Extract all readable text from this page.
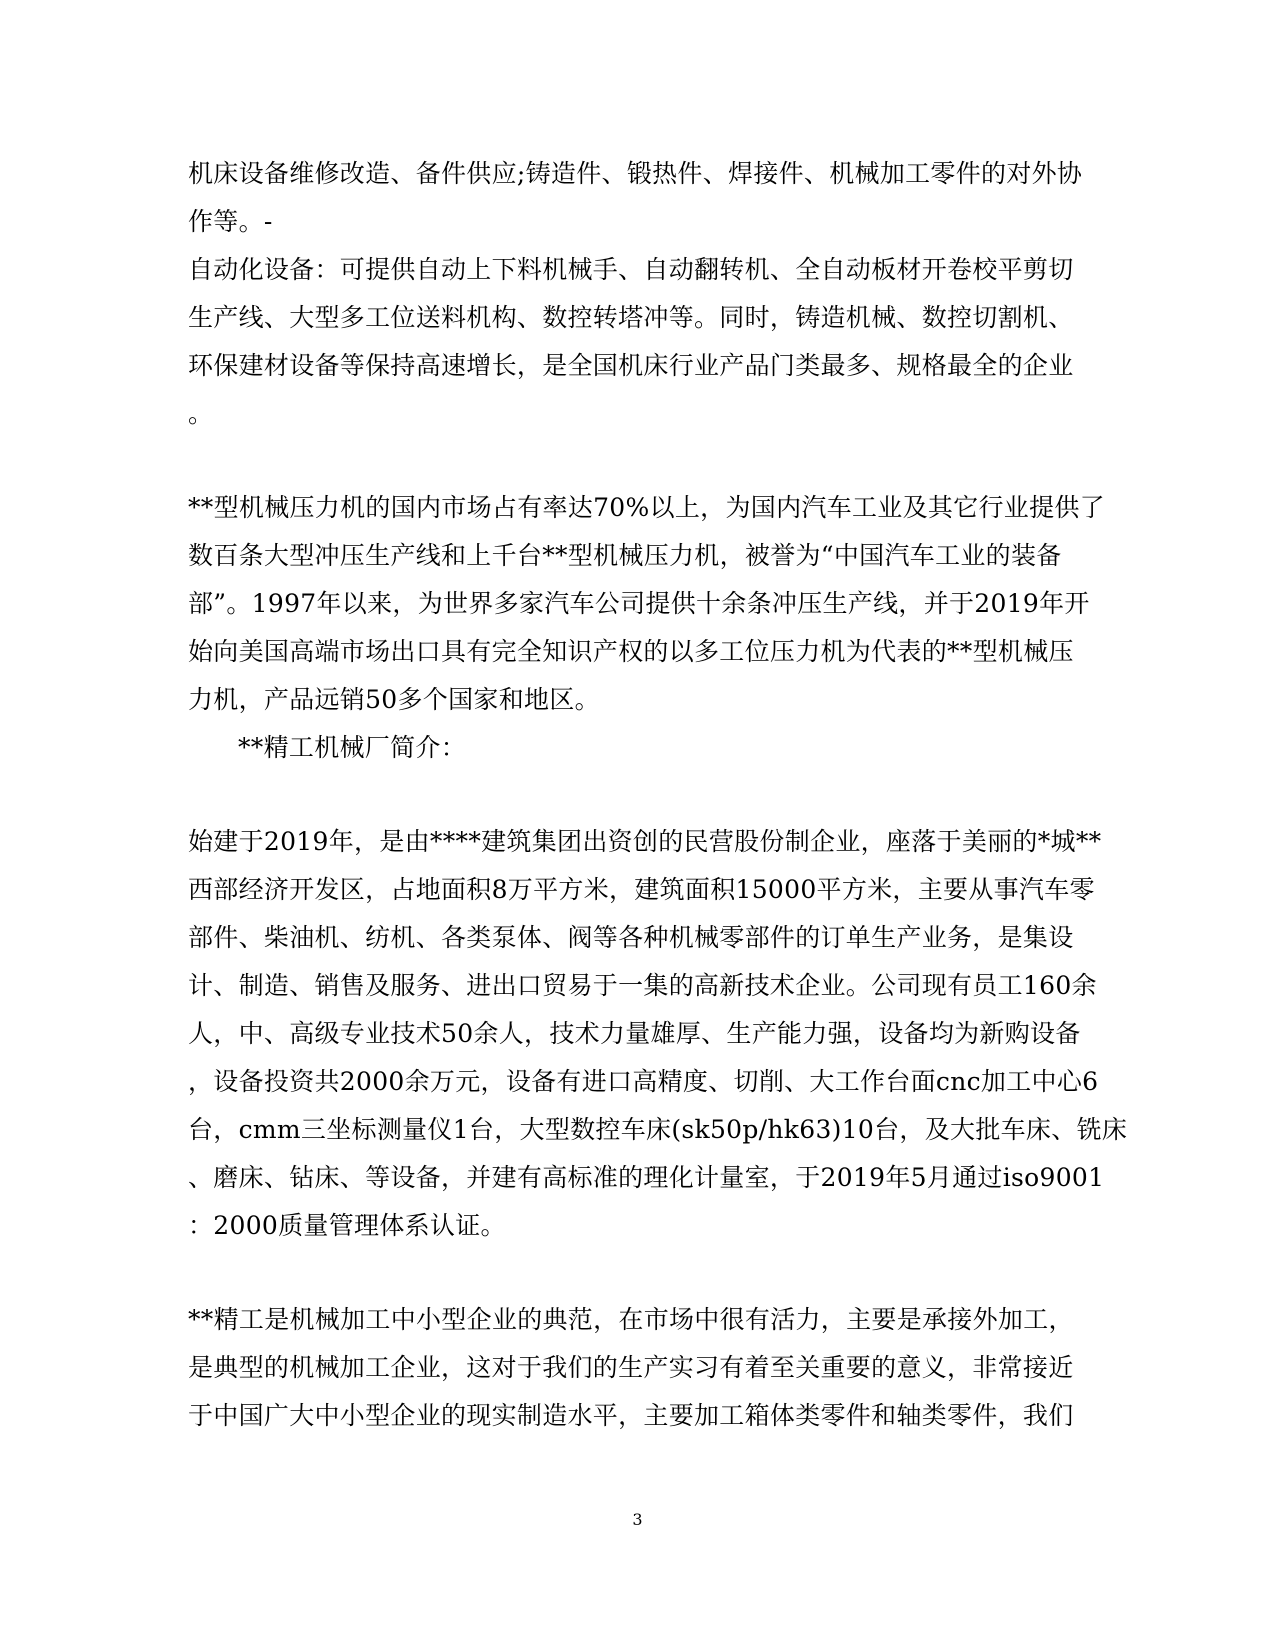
机床设备维修改造、备件供应;铸造件、锻热件、焊接件、机械加工零件的对外协
作等。-
自动化设备：可提供自动上下料机械手、自动翻转机、全自动板材开卷校平剪切
生产线、大型多工位送料机构、数控转塔冲等。同时，铸造机械、数控切割机、
环保建材设备等保持高速增长，是全国机床行业产品门类最多、规格最全的企业
。
**型机械压力机的国内市场占有率达70%以上，为国内汽车工业及其它行业提供了
数百条大型冲压生产线和上千台**型机械压力机，被誉为“中国汽车工业的装备
部”。1997年以来，为世界多家汽车公司提供十余条冲压生产线，并于2019年开
始向美国高端市场出口具有完全知识产权的以多工位压力机为代表的**型机械压
力机，产品远销50多个国家和地区。
**精工机械厂简介：
始建于2019年，是由****建筑集团出资创的民营股份制企业，座落于美丽的*城**
西部经济开发区，占地面积8万平方米，建筑面积15000平方米，主要从事汽车零
部件、柴油机、纺机、各类泵体、阀等各种机械零部件的订单生产业务，是集设
计、制造、销售及服务、进出口贸易于一集的高新技术企业。公司现有员工160余
人，中、高级专业技术50余人，技术力量雄厚、生产能力强，设备均为新购设备
，设备投资共2000余万元，设备有进口高精度、切削、大工作台面cnc加工中心6
台，cmm三坐标测量仪1台，大型数控车床(sk50p/hk63)10台，及大批车床、铣床
、磨床、钻床、等设备，并建有高标准的理化计量室，于2019年5月通过iso9001
：2000质量管理体系认证。
**精工是机械加工中小型企业的典范，在市场中很有活力，主要是承接外加工，
是典型的机械加工企业，这对于我们的生产实习有着至关重要的意义，非常接近
于中国广大中小型企业的现实制造水平，主要加工箱体类零件和轴类零件，我们
3
